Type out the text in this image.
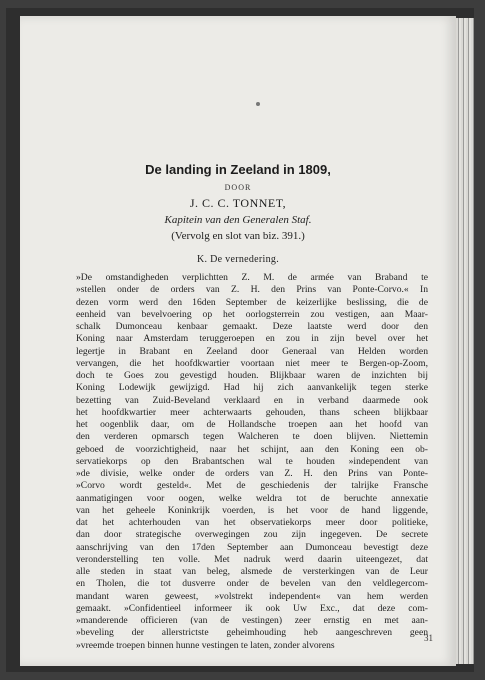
De landing in Zeeland in 1809,
DOOR
J. C. C. TONNET,
Kapitein van den Generalen Staf.
(Vervolg en slot van biz. 391.)
K. De vernedering.
»De omstandigheden verplichtten Z. M. de armée van Braband te
»stellen onder de orders van Z. H. den Prins van Ponte-Corvo.« In
dezen vorm werd den 16den September de keizerlijke beslissing, die de
eenheid van bevelvoering op het oorlogsterrein zou vestigen, aan Maar-
schalk Dumonceau kenbaar gemaakt. Deze laatste werd door den
Koning naar Amsterdam teruggeroepen en zou in zijn bevel over het
legertje in Brabant en Zeeland door Generaal van Helden worden
vervangen, die het hoofdkwartier voortaan niet meer te Bergen-op-Zoom,
doch te Goes zou gevestigd houden. Blijkbaar waren de inzichten bij
Koning Lodewijk gewijzigd. Had hij zich aanvankelijk tegen sterke
bezetting van Zuid-Beveland verklaard en in verband daarmede ook
het hoofdkwartier meer achterwaarts gehouden, thans scheen blijkbaar
het oogenblik daar, om de Hollandsche troepen aan het hoofd van
den verderen opmarsch tegen Walcheren te doen blijven. Niettemin
geboed de voorzichtigheid, naar het schijnt, aan den Koning een ob-
servatiekorps op den Brabantschen wal te houden »independent van
»de divisie, welke onder de orders van Z. H. den Prins van Ponte-
»Corvo wordt gesteld«. Met de geschiedenis der talrijke Fransche
aanmatigingen voor oogen, welke weldra tot de beruchte annexatie
van het geheele Koninkrijk voerden, is het voor de hand liggende,
dat het achterhouden van het observatiekorps meer door politieke,
dan door strategische overwegingen zou zijn ingegeven. De secrete
aanschrijving van den 17den September aan Dumonceau bevestigt deze
veronderstelling ten volle. Met nadruk werd daarin uiteengezet, dat
alle steden in staat van beleg, alsmede de versterkingen van de Leur
en Tholen, die tot dusverre onder de bevelen van den veldlegercom-
mandant waren geweest, »volstrekt independent« van hem werden
gemaakt. »Confidentieel informeer ik ook Uw Exc., dat deze com-
»manderende officieren (van de vestingen) zeer ernstig en met aan-
»beveling der allerstrictste geheimhouding heb aangeschreven geen
»vreemde troepen binnen hunne vestingen te laten, zonder alvorens
31
